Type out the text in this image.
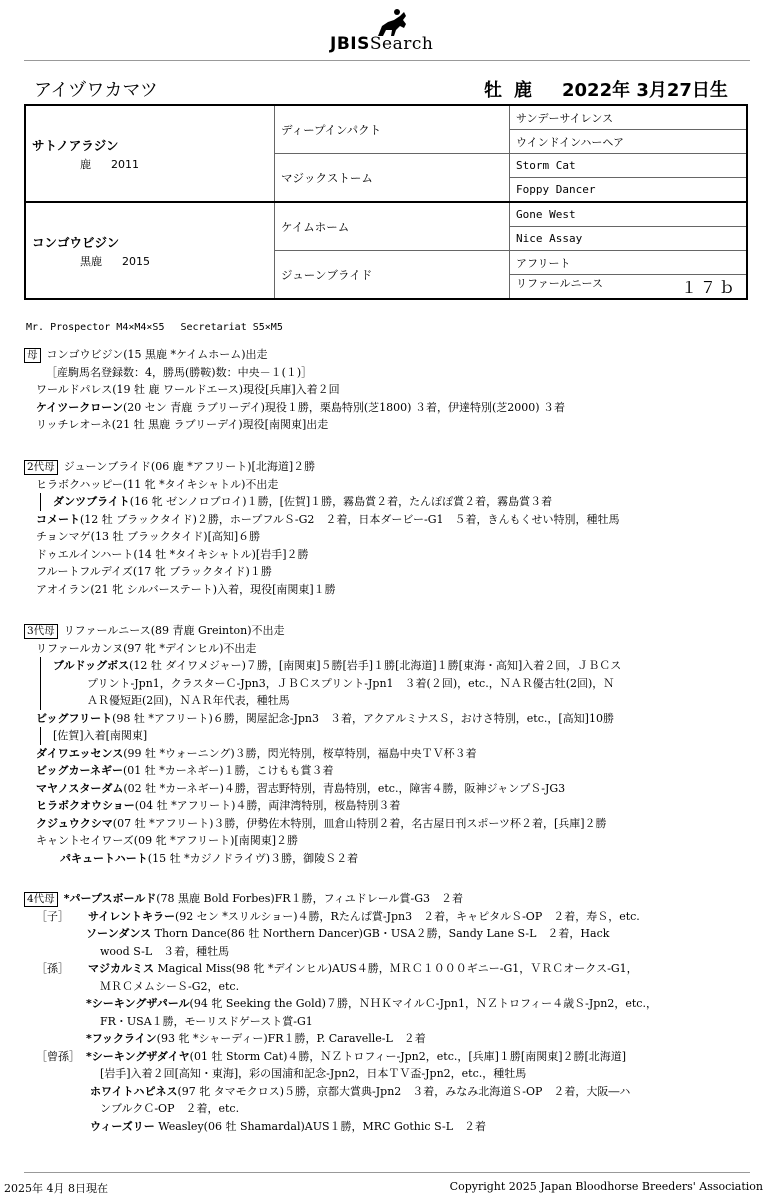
JBISSearch
アイヅワカマツ	牡 鹿 2022年 3月27日生
サトノアラジン
鹿 2011	ディープインパクト	サンデーサイレンス
		ウインドインハーヘア
	マジックストーム	Storm Cat
		Foppy Dancer

コンゴウビジン
黒鹿 2015	ケイムホーム	Gone West
		Nice Assay
	ジューンブライド	アフリート
		リファールニース １７ｂ
Mr. Prospector M4×M4×S5　 Secretariat S5×M5
母 コンゴウビジン(15 黒鹿 *ケイムホーム)出走
［産駒馬名登録数：4，勝馬(勝鞍)数：中央－１(１)］
ワールドパレス(19 牡 鹿 ワールドエース)現役[兵庫]入着２回
ケイツークローン(20 セン 青鹿 ラブリーデイ)現役１勝，栗島特別(芝1800) ３着，伊達特別(芝2000) ３着
リッチレオーネ(21 牡 黒鹿 ラブリーデイ)現役[南関東]出走
2代母 ジューンブライド(06 鹿 *アフリート)[北海道]２勝
ヒラボクハッピー(11 牝 *タイキシャトル)不出走
ダンツブライト(16 牝 ゼンノロブロイ)１勝，[佐賀]１勝，霧島賞２着，たんぽぽ賞２着，霧島賞３着
コメート(12 牡 ブラックタイド)２勝，ホープフルＳ-G2　２着，日本ダービー-G1　５着，きんもくせい特別，種牡馬
チョンマゲ(13 牡 ブラックタイド)[高知]６勝
ドゥエルインハート(14 牡 *タイキシャトル)[岩手]２勝
フルートフルデイズ(17 牝 ブラックタイド)１勝
アオイラン(21 牝 シルバーステート)入着，現役[南関東]１勝
3代母 リファールニース(89 青鹿 Greinton)不出走
リファールカンヌ(97 牝 *デインヒル)不出走
ブルドッグボス(12 牡 ダイワメジャー)７勝，[南関東]５勝[岩手]１勝[北海道]１勝[東海・高知]入着２回，ＪＢＣス
プリント-Jpn1，クラスターＣ-Jpn3，ＪＢＣスプリント-Jpn1　３着(２回)，etc.，ＮＡＲ優古牡(2回)，Ｎ
ＡＲ優短距(2回)，ＮＡＲ年代表，種牡馬
ビッグフリート(98 牡 *アフリート)６勝，関屋記念-Jpn3　３着，アクアルミナスＳ，おけさ特別，etc.，[高知]10勝
[佐賀]入着[南関東]
ダイワエッセンス(99 牡 *ウォーニング)３勝，閃光特別，桜草特別，福島中央ＴＶ杯３着
ビッグカーネギー(01 牡 *カーネギー)１勝，こけもも賞３着
マヤノスターダム(02 牡 *カーネギー)４勝，習志野特別，青島特別，etc.，障害４勝，阪神ジャンプＳ-JG3
ヒラボクオウショー(04 牡 *アフリート)４勝，両津湾特別，桜島特別３着
クジュウクシマ(07 牡 *アフリート)３勝，伊勢佐木特別，皿倉山特別２着，名古屋日刊スポーツ杯２着，[兵庫]２勝
キャントセイワーズ(09 牝 *アフリート)[南関東]２勝
パキュートハート(15 牡 *カジノドライヴ)３勝，御陵Ｓ２着
4代母 *パープスボールド(78 黒鹿 Bold Forbes)FR１勝，フィユドレール賞-G3　２着
［子］ サイレントキラー(92 セン *スリルショー)４勝，Rたんぱ賞-Jpn3　２着，キャピタルＳ-OP　２着，寿Ｓ，etc.
ソーンダンス Thorn Dance(86 牡 Northern Dancer)GB・USA２勝，Sandy Lane S-L　２着，Hack
wood S-L　３着，種牡馬
［孫］ マジカルミス Magical Miss(98 牝 *デインヒル)AUS４勝，ＭＲＣ１０００ギニー-G1，ＶＲＣオークス-G1，
ＭＲＣメムシーＳ-G2，etc.
*シーキングザパール(94 牝 Seeking the Gold)７勝，ＮＨＫマイルＣ-Jpn1，ＮＺトロフィー４歳Ｓ-Jpn2，etc.，
FR・USA１勝，モーリスドゲースト賞-G1
*フックライン(93 牝 *シャーディー)FR１勝，P. Caravelle-L　２着
［曾孫］ *シーキングザダイヤ(01 牡 Storm Cat)４勝，ＮＺトロフィー-Jpn2，etc.，[兵庫]１勝[南関東]２勝[北海道]
[岩手]入着２回[高知・東海]，彩の国浦和記念-Jpn2，日本ＴＶ盃-Jpn2，etc.，種牡馬
ホワイトハピネス(97 牝 タマモクロス)５勝，京都大賞典-Jpn2　３着，みなみ北海道Ｓ-OP　２着，大阪―ハ
ンブルクＣ-OP　２着，etc.
ウィーズリー Weasley(06 牡 Shamardal)AUS１勝，MRC Gothic S-L　２着
2025年 4月 8日現在	Copyright 2025 Japan Bloodhorse Breeders' Association
